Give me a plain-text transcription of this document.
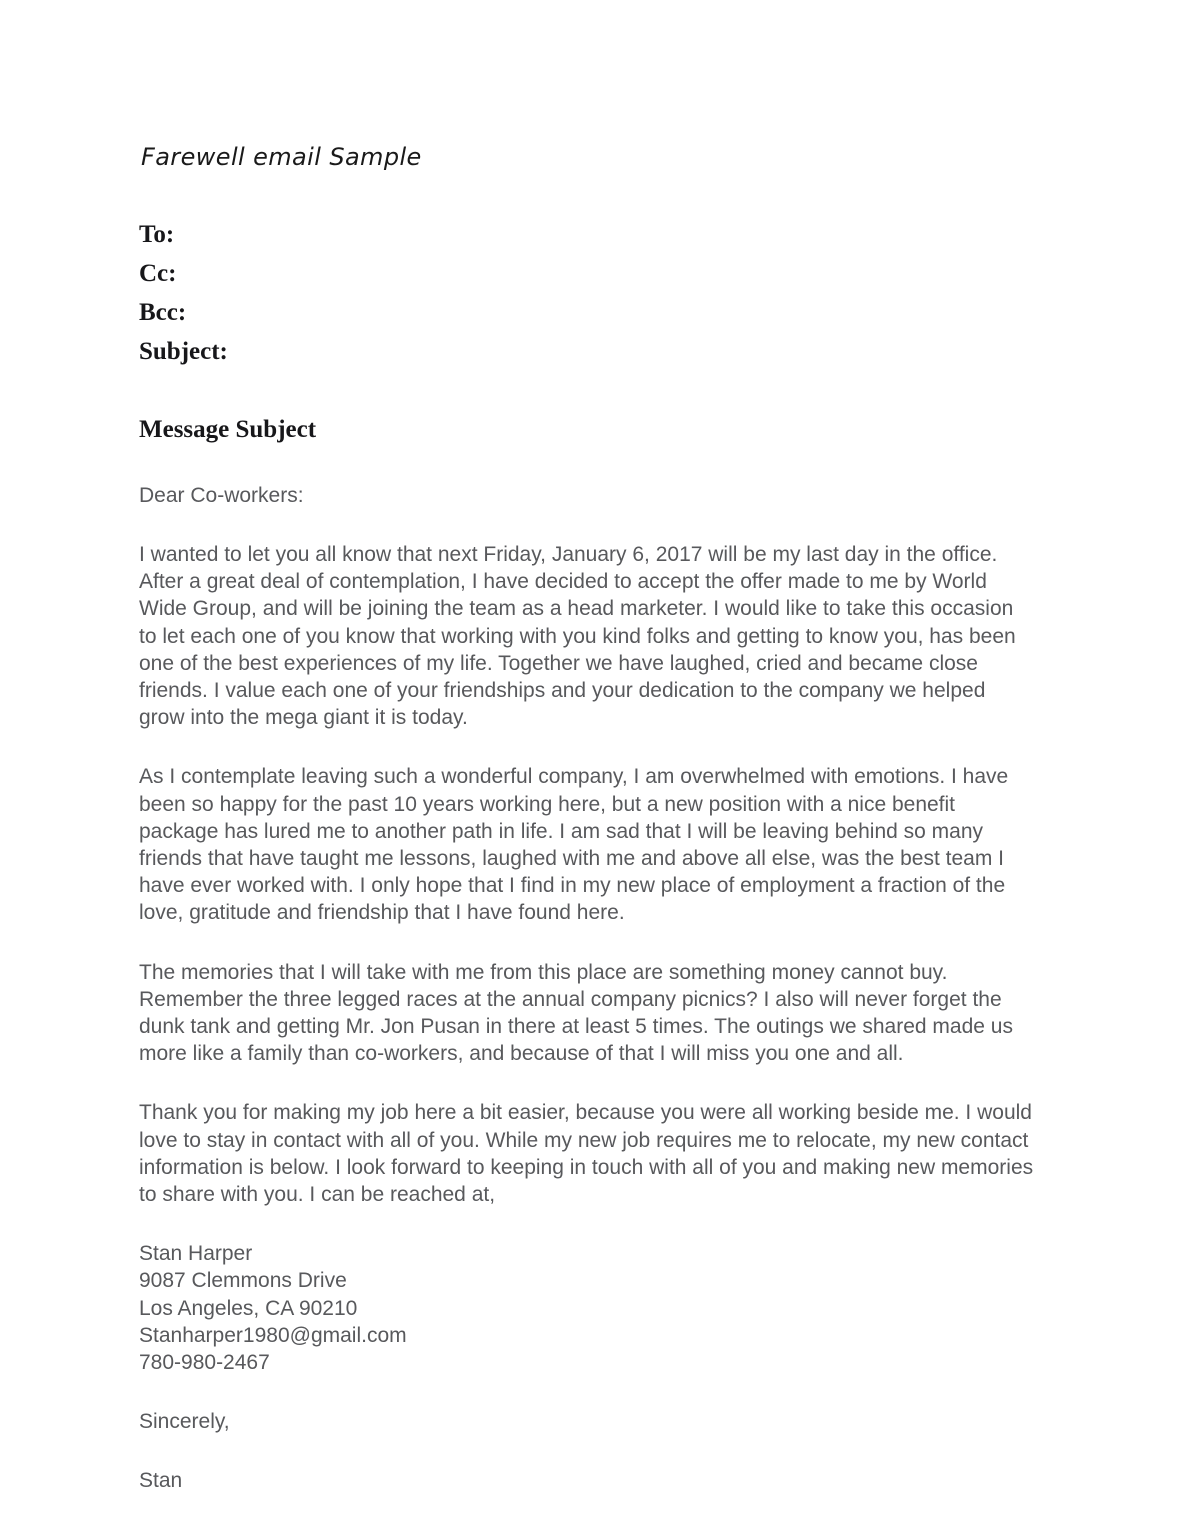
Farewell email Sample
To:
Cc:
Bcc:
Subject:
Message Subject

Dear Co-workers:

I wanted to let you all know that next Friday, January 6, 2017 will be my last day in the office. After a great deal of contemplation, I have decided to accept the offer made to me by World Wide Group, and will be joining the team as a head marketer. I would like to take this occasion to let each one of you know that working with you kind folks and getting to know you, has been one of the best experiences of my life. Together we have laughed, cried and became close friends. I value each one of your friendships and your dedication to the company we helped grow into the mega giant it is today.

As I contemplate leaving such a wonderful company, I am overwhelmed with emotions. I have been so happy for the past 10 years working here, but a new position with a nice benefit package has lured me to another path in life. I am sad that I will be leaving behind so many friends that have taught me lessons, laughed with me and above all else, was the best team I have ever worked with. I only hope that I find in my new place of employment a fraction of the love, gratitude and friendship that I have found here.

The memories that I will take with me from this place are something money cannot buy. Remember the three legged races at the annual company picnics? I also will never forget the dunk tank and getting Mr. Jon Pusan in there at least 5 times. The outings we shared made us more like a family than co-workers, and because of that I will miss you one and all.

Thank you for making my job here a bit easier, because you were all working beside me. I would love to stay in contact with all of you. While my new job requires me to relocate, my new contact information is below. I look forward to keeping in touch with all of you and making new memories to share with you. I can be reached at,

Stan Harper
9087 Clemmons Drive
Los Angeles, CA 90210
Stanharper1980@gmail.com
780-980-2467

Sincerely,

Stan
